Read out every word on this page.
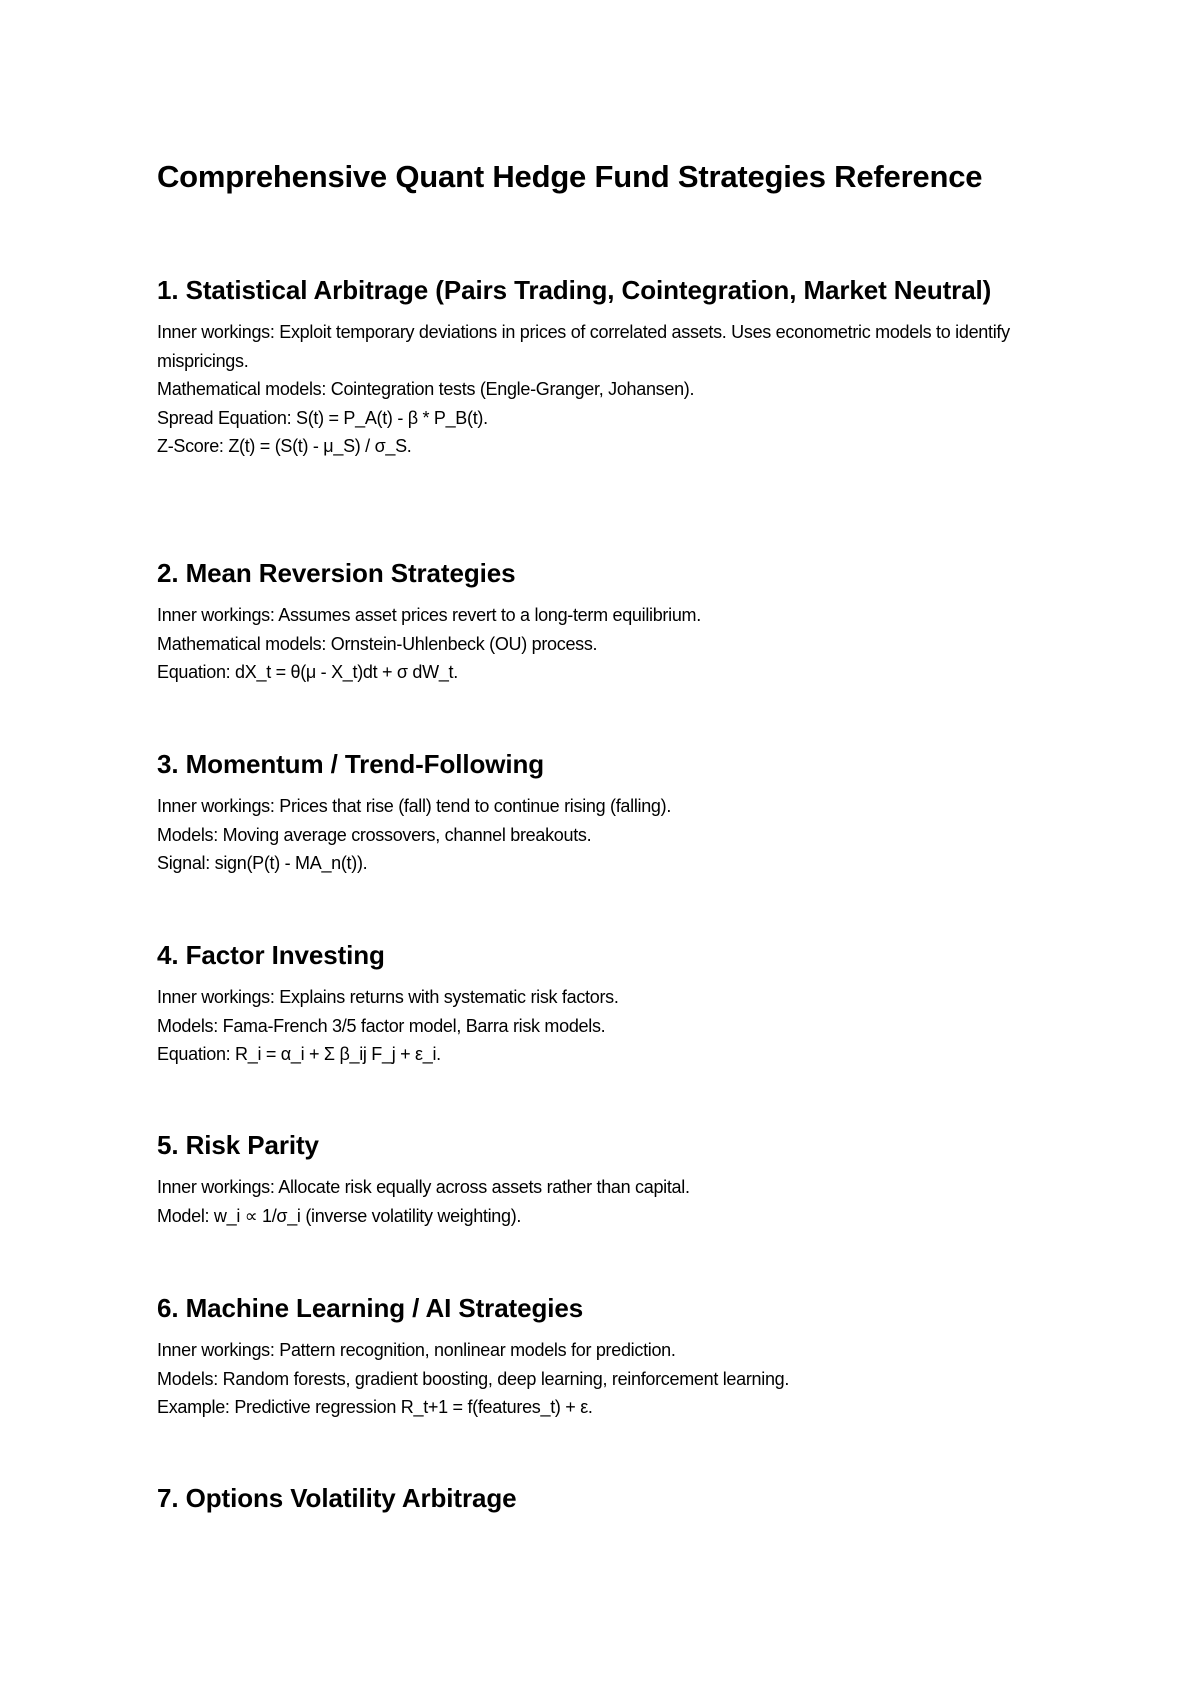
Comprehensive Quant Hedge Fund Strategies Reference
1. Statistical Arbitrage (Pairs Trading, Cointegration, Market Neutral)

Inner workings: Exploit temporary deviations in prices of correlated assets. Uses econometric models to identify mispricings.

Mathematical models: Cointegration tests (Engle-Granger, Johansen).

Spread Equation: S(t) = P_A(t) - β * P_B(t).

Z-Score: Z(t) = (S(t) - μ_S) / σ_S.

2. Mean Reversion Strategies

Inner workings: Assumes asset prices revert to a long-term equilibrium.

Mathematical models: Ornstein-Uhlenbeck (OU) process.

Equation: dX_t = θ(μ - X_t)dt + σ dW_t.

3. Momentum / Trend-Following

Inner workings: Prices that rise (fall) tend to continue rising (falling).

Models: Moving average crossovers, channel breakouts.

Signal: sign(P(t) - MA_n(t)).

4. Factor Investing

Inner workings: Explains returns with systematic risk factors.

Models: Fama-French 3/5 factor model, Barra risk models.

Equation: R_i = α_i + Σ β_ij F_j + ε_i.

5. Risk Parity

Inner workings: Allocate risk equally across assets rather than capital.

Model: w_i ∝ 1/σ_i (inverse volatility weighting).

6. Machine Learning / AI Strategies

Inner workings: Pattern recognition, nonlinear models for prediction.

Models: Random forests, gradient boosting, deep learning, reinforcement learning.

Example: Predictive regression R_t+1 = f(features_t) + ε.

7. Options Volatility Arbitrage
